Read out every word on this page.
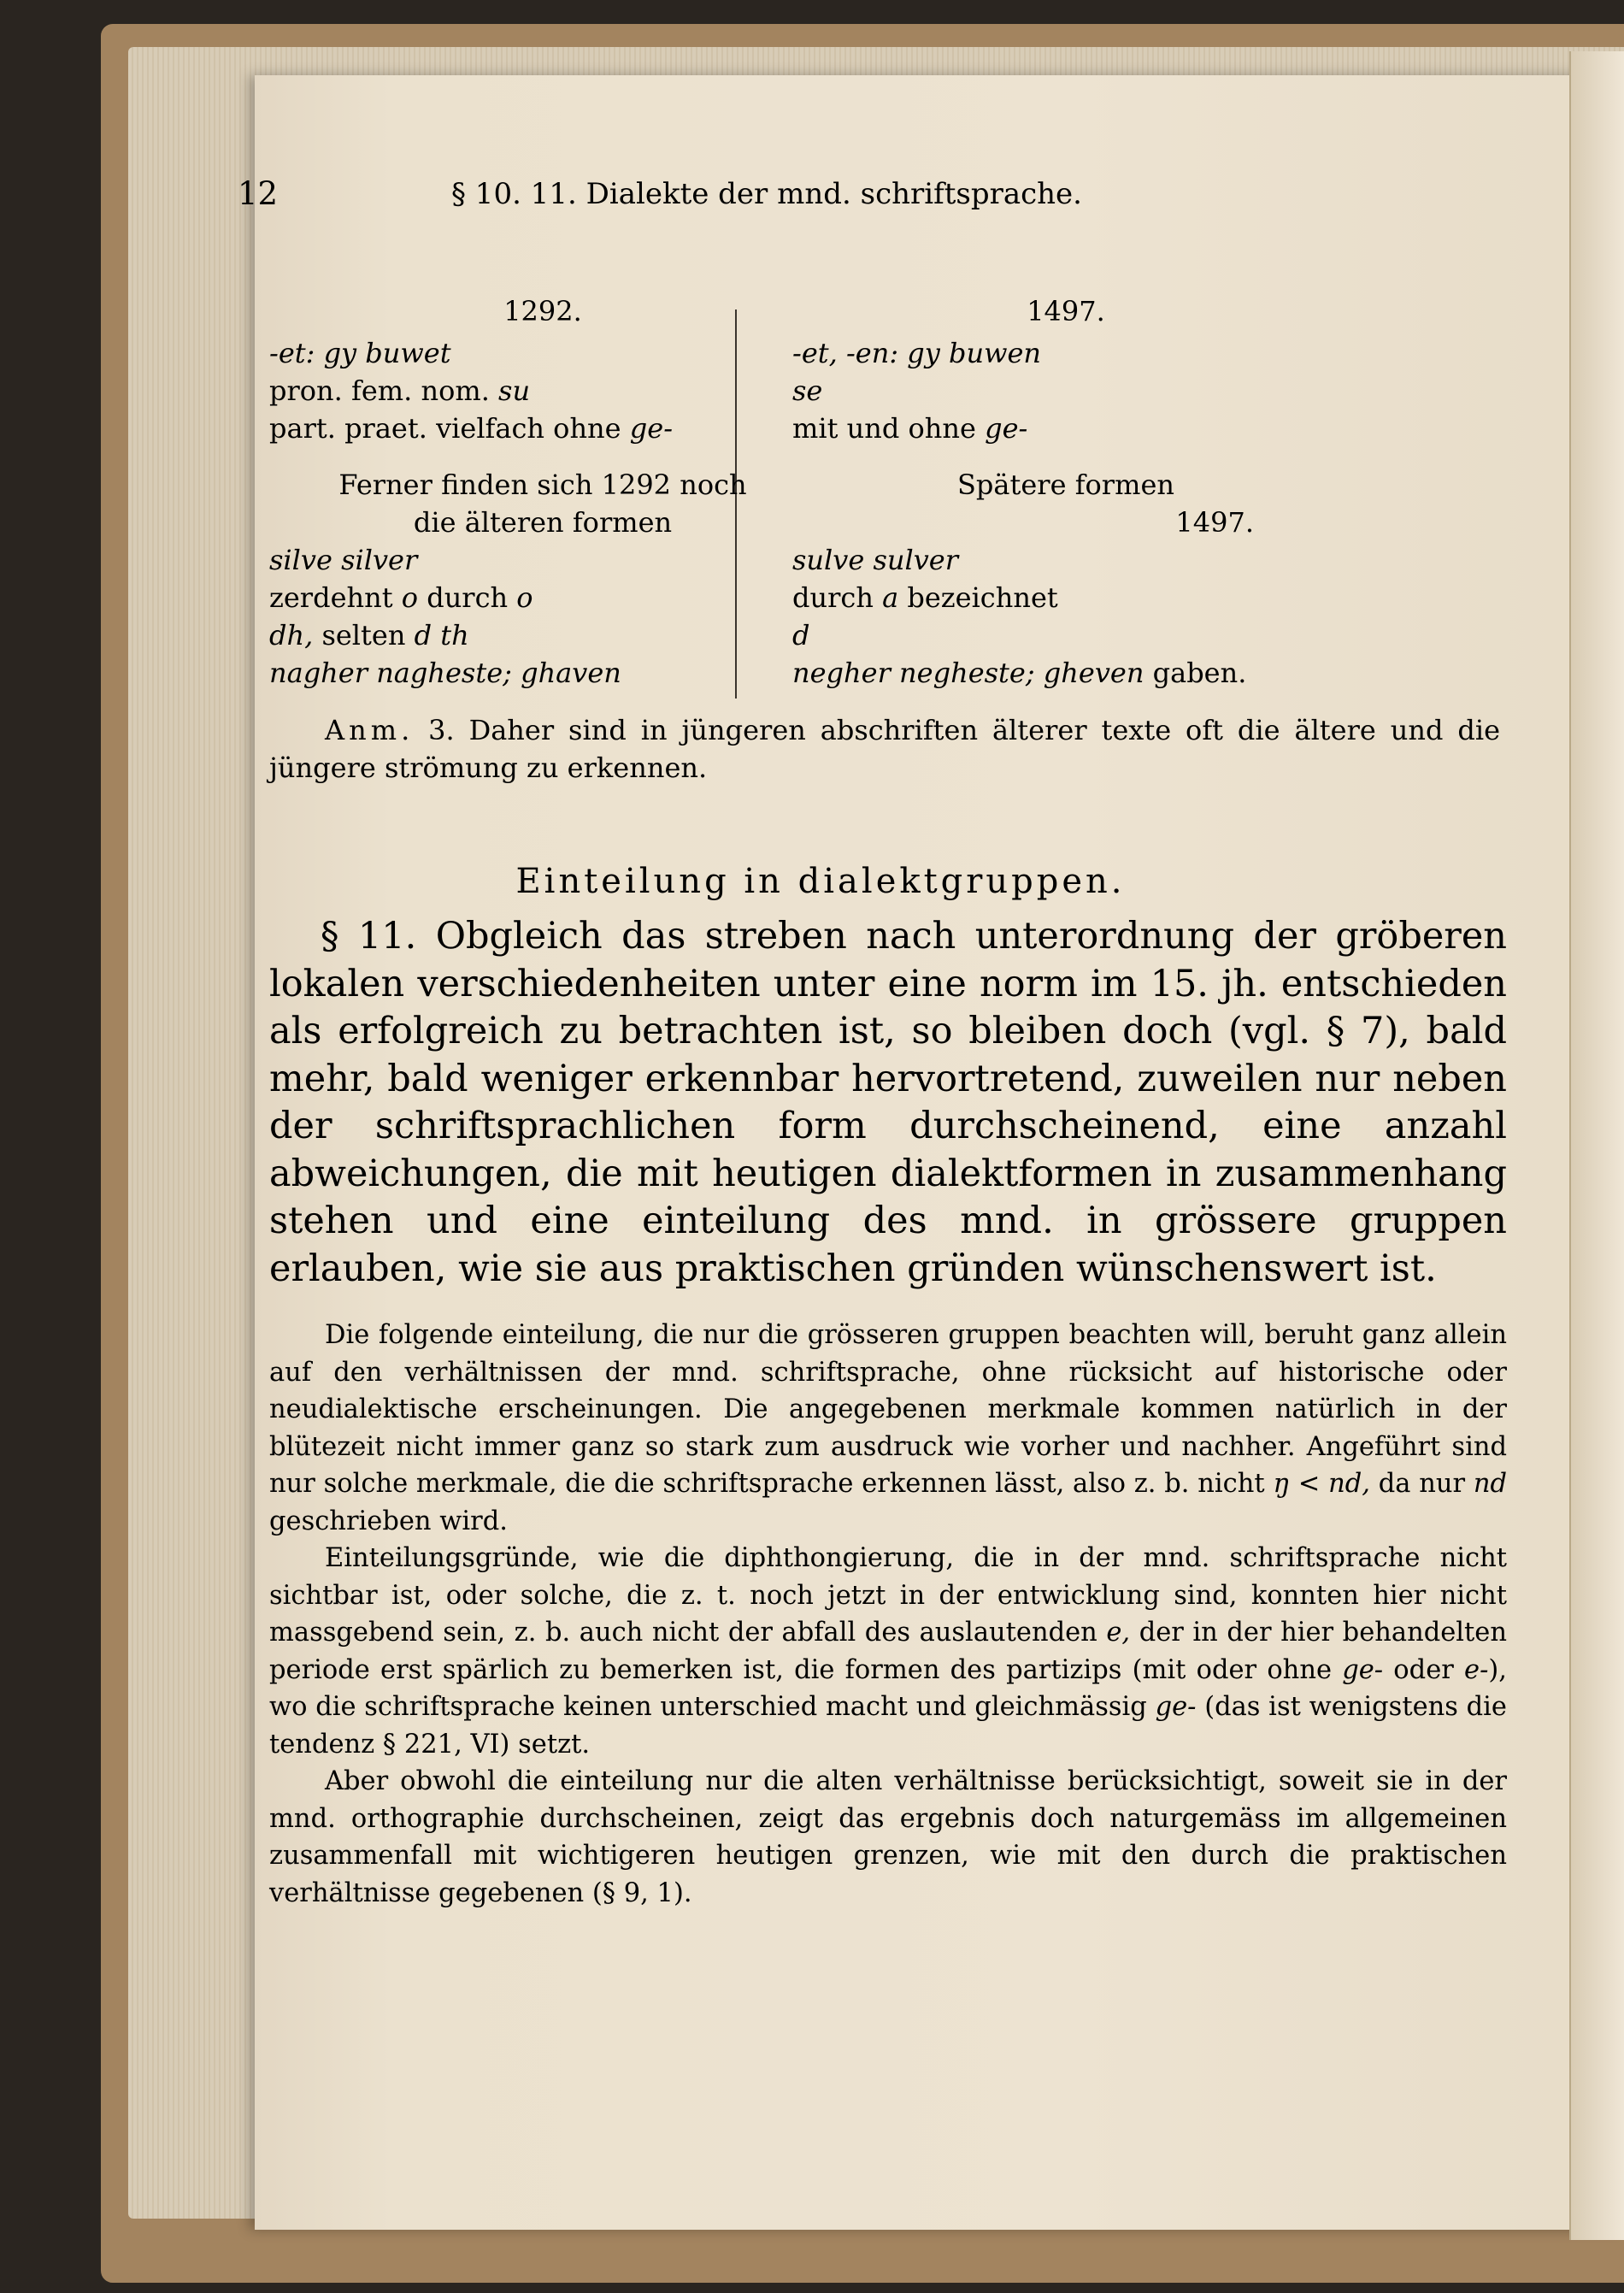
12	§ 10. 11. Dialekte der mnd. schriftsprache.
1292.
-et: gy buwet
pron. fem. nom. su
part. praet. vielfach ohne ge-
Ferner finden sich 1292 noch
die älteren formen
silve silver
zerdehnt o durch o
dh, selten d th
nagher nagheste; ghaven
1497.
-et, -en: gy buwen
se
mit und ohne ge-
Spätere formen
1497.
sulve sulver
durch a bezeichnet
d
negher negheste; gheven gaben.
Anm. 3. Daher sind in jüngeren abschriften älterer texte oft die ältere und die jüngere strömung zu erkennen.
Einteilung in dialektgruppen.

§ 11. Obgleich das streben nach unterordnung der gröberen lokalen verschiedenheiten unter eine norm im 15. jh. entschieden als erfolgreich zu betrachten ist, so bleiben doch (vgl. § 7), bald mehr, bald weniger erkennbar hervortretend, zuweilen nur neben der schriftsprachlichen form durchscheinend, eine anzahl abweichungen, die mit heutigen dialektformen in zusammenhang stehen und eine einteilung des mnd. in grössere gruppen erlauben, wie sie aus praktischen gründen wünschenswert ist.

Die folgende einteilung, die nur die grösseren gruppen beachten will, beruht ganz allein auf den verhältnissen der mnd. schriftsprache, ohne rücksicht auf historische oder neudialektische erscheinungen. Die angegebenen merkmale kommen natürlich in der blütezeit nicht immer ganz so stark zum ausdruck wie vorher und nachher. Angeführt sind nur solche merkmale, die die schriftsprache erkennen lässt, also z. b. nicht ŋ < nd, da nur nd geschrieben wird.

Einteilungsgründe, wie die diphthongierung, die in der mnd. schriftsprache nicht sichtbar ist, oder solche, die z. t. noch jetzt in der entwicklung sind, konnten hier nicht massgebend sein, z. b. auch nicht der abfall des auslautenden e, der in der hier behandelten periode erst spärlich zu bemerken ist, die formen des partizips (mit oder ohne ge- oder e-), wo die schriftsprache keinen unterschied macht und gleichmässig ge- (das ist wenigstens die tendenz § 221, VI) setzt.

Aber obwohl die einteilung nur die alten verhältnisse berücksichtigt, soweit sie in der mnd. orthographie durchscheinen, zeigt das ergebnis doch naturgemäss im allgemeinen zusammenfall mit wichtigeren heutigen grenzen, wie mit den durch die praktischen verhältnisse gegebenen (§ 9, 1).
